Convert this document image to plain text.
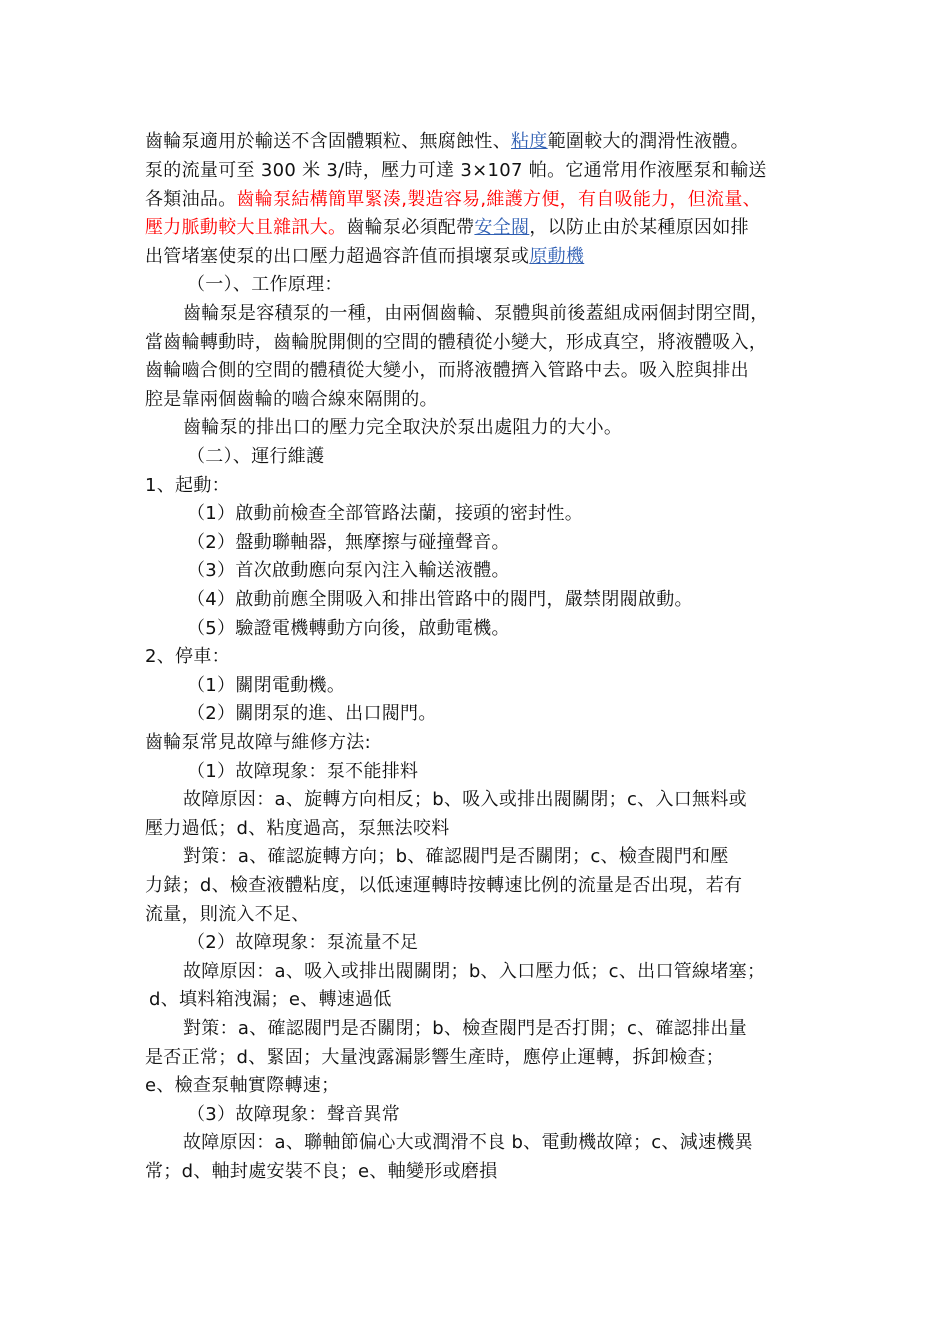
齒輪泵適用於輸送不含固體顆粒、無腐蝕性、粘度範圍較大的潤滑性液體。
泵的流量可至 300 米 3/時，壓力可達 3×107 帕。它通常用作液壓泵和輸送
各類油品。齒輪泵結構簡單緊湊,製造容易,維護方便，有自吸能力，但流量、
壓力脈動較大且雜訊大。齒輪泵必須配帶安全閥，以防止由於某種原因如排
出管堵塞使泵的出口壓力超過容許值而損壞泵或原動機
（一）、工作原理：
齒輪泵是容積泵的一種，由兩個齒輪、泵體與前後蓋組成兩個封閉空間，
當齒輪轉動時，齒輪脫開側的空間的體積從小變大，形成真空，將液體吸入，
齒輪嚙合側的空間的體積從大變小，而將液體擠入管路中去。吸入腔與排出
腔是靠兩個齒輪的嚙合線來隔開的。
齒輪泵的排出口的壓力完全取決於泵出處阻力的大小。
（二）、運行維護
1、起動：
（1）啟動前檢查全部管路法蘭，接頭的密封性。
（2）盤動聯軸器，無摩擦与碰撞聲音。
（3）首次啟動應向泵內注入輸送液體。
（4）啟動前應全開吸入和排出管路中的閥門，嚴禁閉閥啟動。
（5）驗證電機轉動方向後，啟動電機。
2、停車：
（1）關閉電動機。
（2）關閉泵的進、出口閥門。
齒輪泵常見故障与維修方法:
（1）故障現象：泵不能排料
故障原因：a、旋轉方向相反；b、吸入或排出閥關閉；c、入口無料或
壓力過低；d、粘度過高，泵無法咬料
對策：a、確認旋轉方向；b、確認閥門是否關閉；c、檢查閥門和壓
力錶；d、檢查液體粘度，以低速運轉時按轉速比例的流量是否出現，若有
流量，則流入不足、
（2）故障現象：泵流量不足
故障原因：a、吸入或排出閥關閉；b、入口壓力低；c、出口管線堵塞；
d、填料箱洩漏；e、轉速過低
對策：a、確認閥門是否關閉；b、檢查閥門是否打開；c、確認排出量
是否正常；d、緊固；大量洩露漏影響生產時，應停止運轉，拆卸檢查；
e、檢查泵軸實際轉速；
（3）故障現象：聲音異常
故障原因：a、聯軸節偏心大或潤滑不良 b、電動機故障；c、減速機異
常；d、軸封處安裝不良；e、軸變形或磨損
